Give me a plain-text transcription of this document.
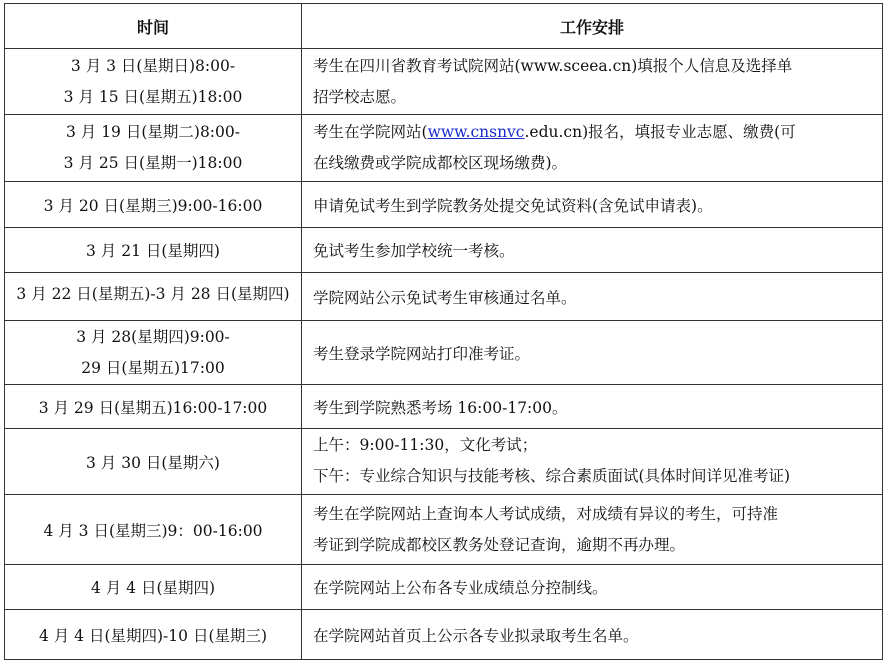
时间	工作安排

3 月 3 日(星期日)8:00-
3 月 15 日(星期五)18:00	考生在四川省教育考试院网站(www.sceea.cn)填报个人信息及选择单
招学校志愿。

3 月 19 日(星期二)8:00-
3 月 25 日(星期一)18:00	考生在学院网站(www.cnsnvc.edu.cn)报名，填报专业志愿、缴费(可
在线缴费或学院成都校区现场缴费)。

3 月 20 日(星期三)9:00-16:00	申请免试考生到学院教务处提交免试资料(含免试申请表)。
3 月 21 日(星期四)	免试考生参加学校统一考核。

3 月 22 日(星期五)-3 月 28 日(星期四)	学院网站公示免试考生审核通过名单。

3 月 28(星期四)9:00-
29 日(星期五)17:00	考生登录学院网站打印准考证。
3 月 29 日(星期五)16:00-17:00	考生到学院熟悉考场 16:00-17:00。
3 月 30 日(星期六)	上午：9:00-11:30，文化考试；
下午：专业综合知识与技能考核、综合素质面试(具体时间详见准考证)

4 月 3 日(星期三)9：00-16:00	考生在学院网站上查询本人考试成绩，对成绩有异议的考生，可持准
考证到学院成都校区教务处登记查询，逾期不再办理。

4 月 4 日(星期四)	在学院网站上公布各专业成绩总分控制线。
4 月 4 日(星期四)-10 日(星期三)	在学院网站首页上公示各专业拟录取考生名单。
